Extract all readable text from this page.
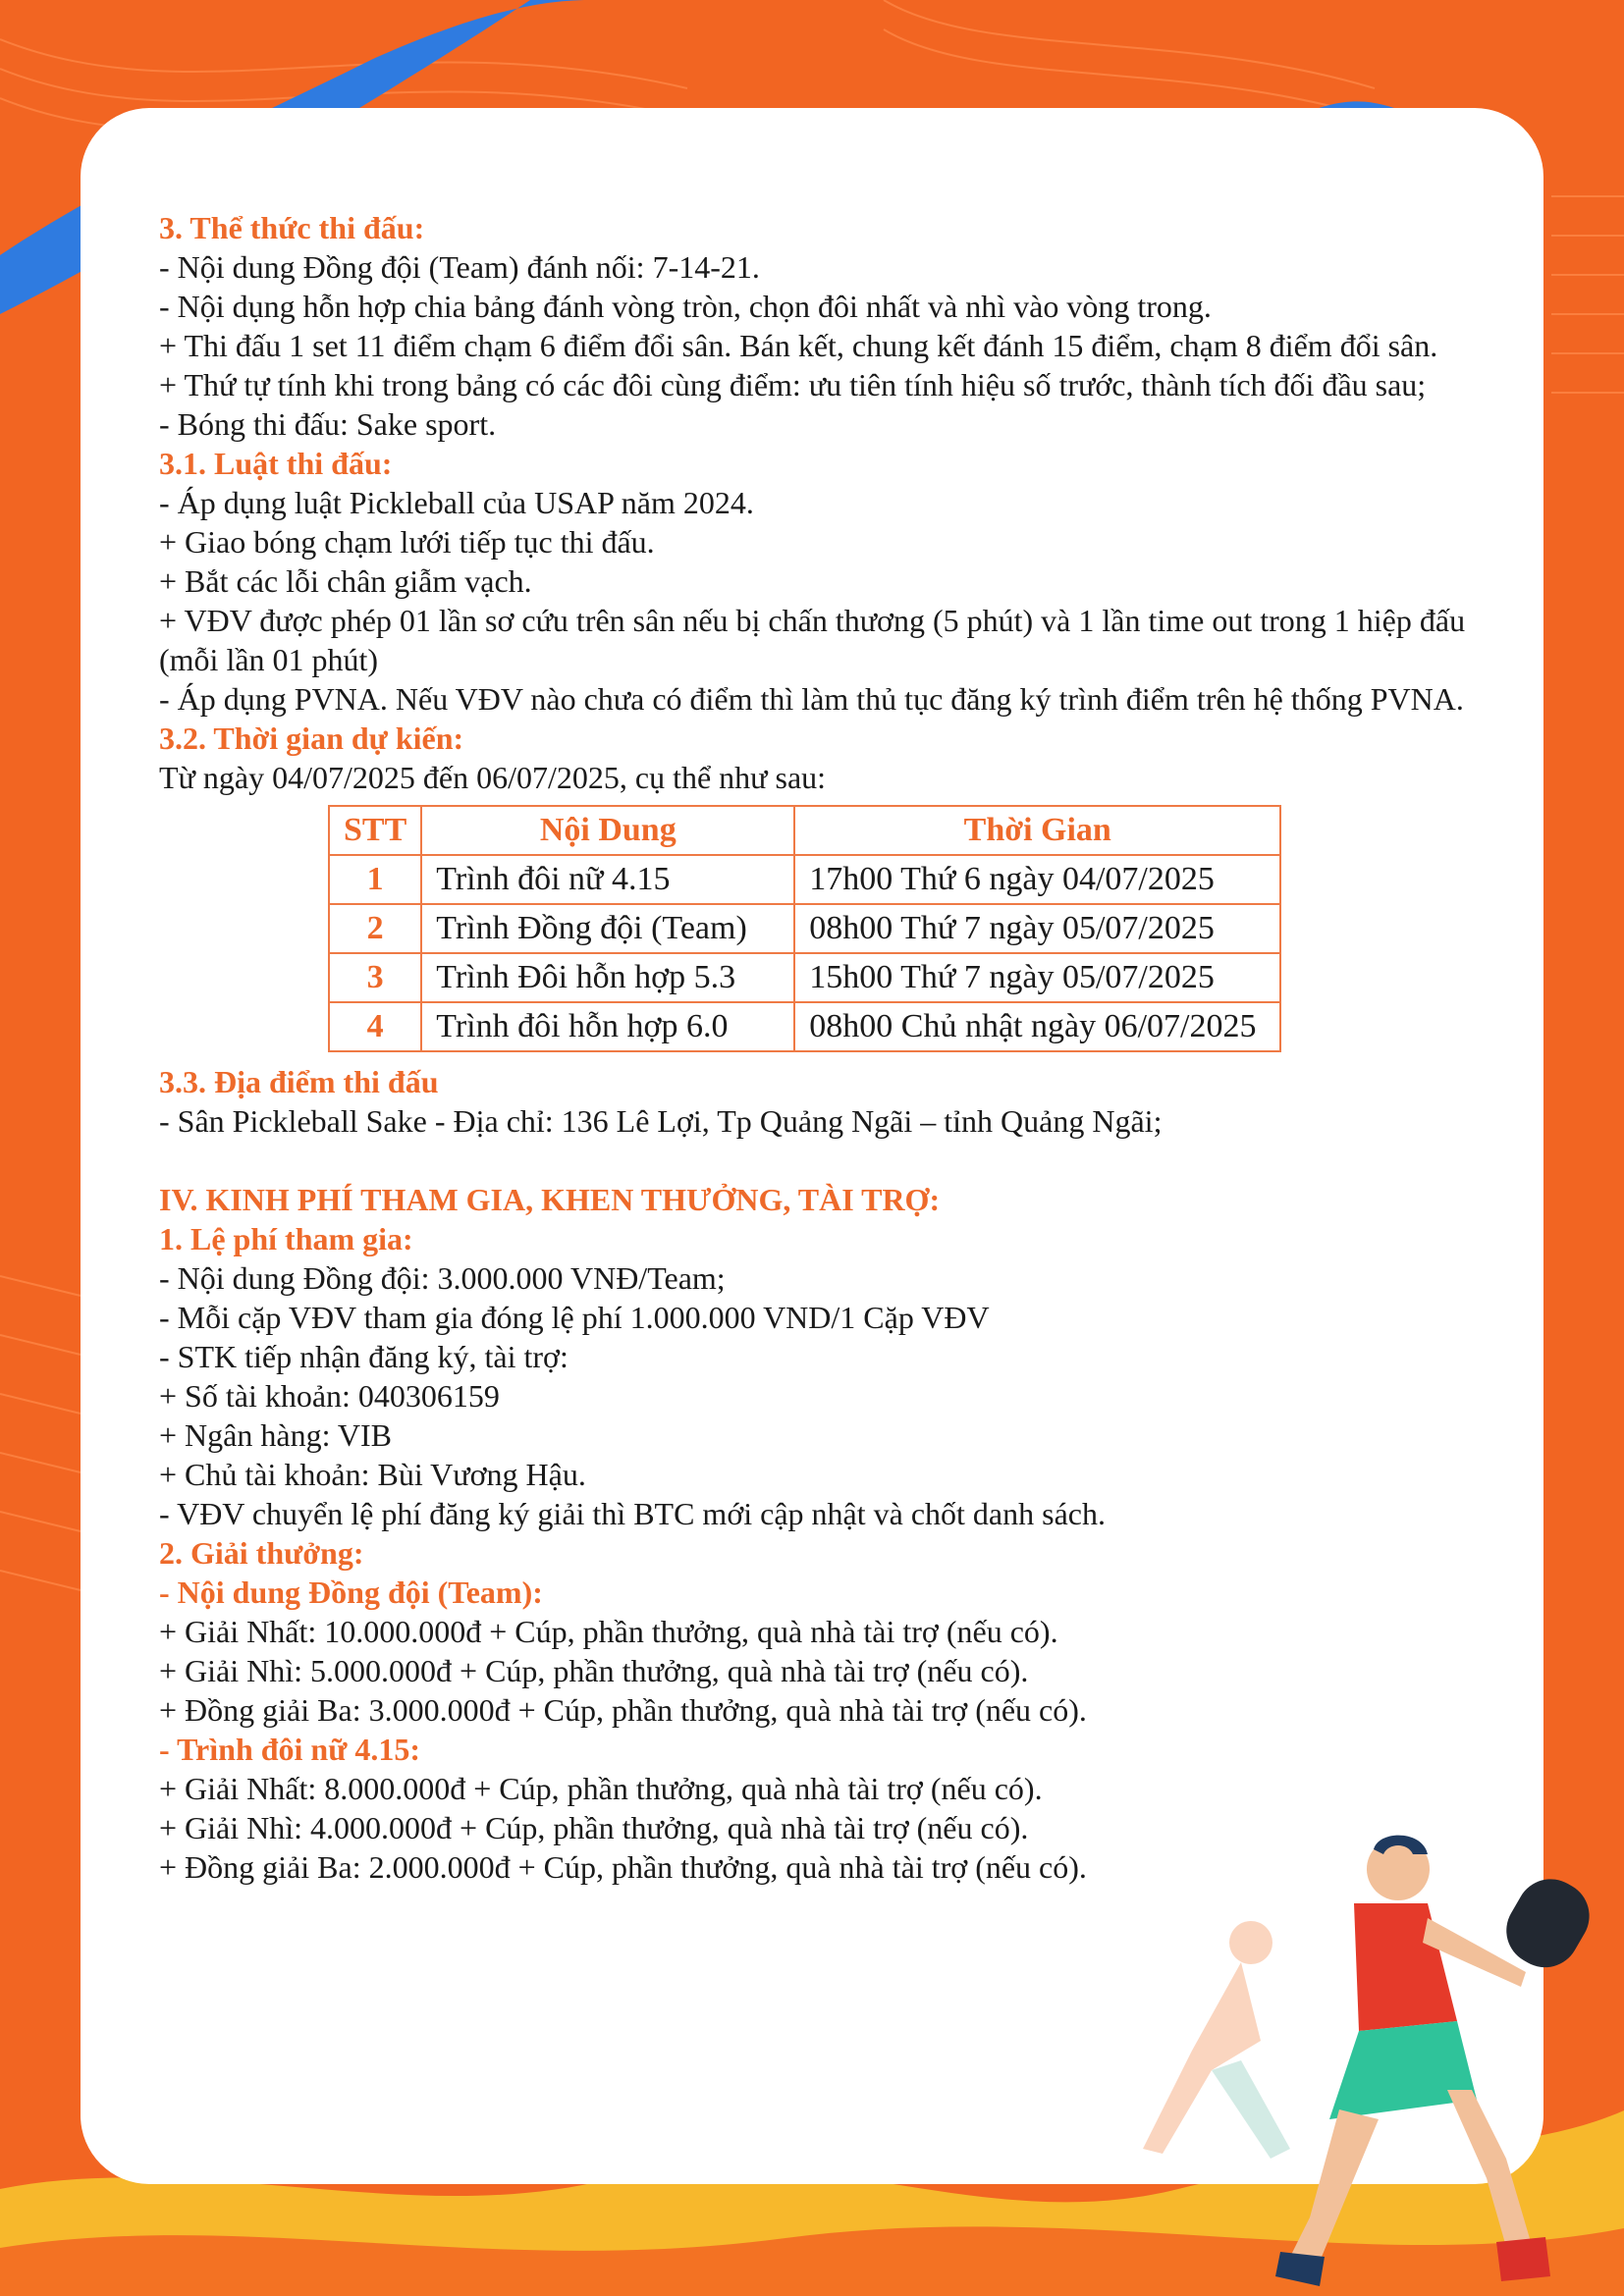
3. Thể thức thi đấu:

- Nội dung Đồng đội (Team) đánh nối: 7-14-21.

- Nội dụng hỗn hợp chia bảng đánh vòng tròn, chọn đôi nhất và nhì vào vòng trong.

+ Thi đấu 1 set 11 điểm chạm 6 điểm đổi sân. Bán kết, chung kết đánh 15 điểm, chạm 8 điểm đổi sân.

+ Thứ tự tính khi trong bảng có các đôi cùng điểm: ưu tiên tính hiệu số trước, thành tích đối đầu sau;

- Bóng thi đấu: Sake sport.

3.1. Luật thi đấu:

- Áp dụng luật Pickleball của USAP năm 2024.

+ Giao bóng chạm lưới tiếp tục thi đấu.

+ Bắt các lỗi chân giẫm vạch.

+ VĐV được phép 01 lần sơ cứu trên sân nếu bị chấn thương (5 phút) và 1 lần time out trong 1 hiệp đấu (mỗi lần 01 phút)

- Áp dụng PVNA. Nếu VĐV nào chưa có điểm thì làm thủ tục đăng ký trình điểm trên hệ thống PVNA.

3.2. Thời gian dự kiến:

Từ ngày 04/07/2025 đến 06/07/2025, cụ thể như sau:

STT	Nội Dung	Thời Gian
1	Trình đôi nữ 4.15	17h00 Thứ 6 ngày 04/07/2025
2	Trình Đồng đội (Team)	08h00 Thứ 7 ngày 05/07/2025
3	Trình Đôi hỗn hợp 5.3	15h00 Thứ 7 ngày 05/07/2025
4	Trình đôi hỗn hợp 6.0	08h00 Chủ nhật ngày 06/07/2025

3.3. Địa điểm thi đấu

- Sân Pickleball Sake - Địa chỉ: 136 Lê Lợi, Tp Quảng Ngãi – tỉnh Quảng Ngãi;

IV. KINH PHÍ THAM GIA, KHEN THƯỞNG, TÀI TRỢ:

1. Lệ phí tham gia:

- Nội dung Đồng đội: 3.000.000 VNĐ/Team;

- Mỗi cặp VĐV tham gia đóng lệ phí 1.000.000 VND/1 Cặp VĐV

- STK tiếp nhận đăng ký, tài trợ:

+ Số tài khoản: 040306159

+ Ngân hàng: VIB

+ Chủ tài khoản: Bùi Vương Hậu.

- VĐV chuyển lệ phí đăng ký giải thì BTC mới cập nhật và chốt danh sách.

2. Giải thưởng:

- Nội dung Đồng đội (Team):

+ Giải Nhất: 10.000.000đ + Cúp, phần thưởng, quà nhà tài trợ (nếu có).

+ Giải Nhì: 5.000.000đ + Cúp, phần thưởng, quà nhà tài trợ (nếu có).

+ Đồng giải Ba: 3.000.000đ + Cúp, phần thưởng, quà nhà tài trợ (nếu có).

- Trình đôi nữ 4.15:

+ Giải Nhất: 8.000.000đ + Cúp, phần thưởng, quà nhà tài trợ (nếu có).

+ Giải Nhì: 4.000.000đ + Cúp, phần thưởng, quà nhà tài trợ (nếu có).

+ Đồng giải Ba: 2.000.000đ + Cúp, phần thưởng, quà nhà tài trợ (nếu có).
